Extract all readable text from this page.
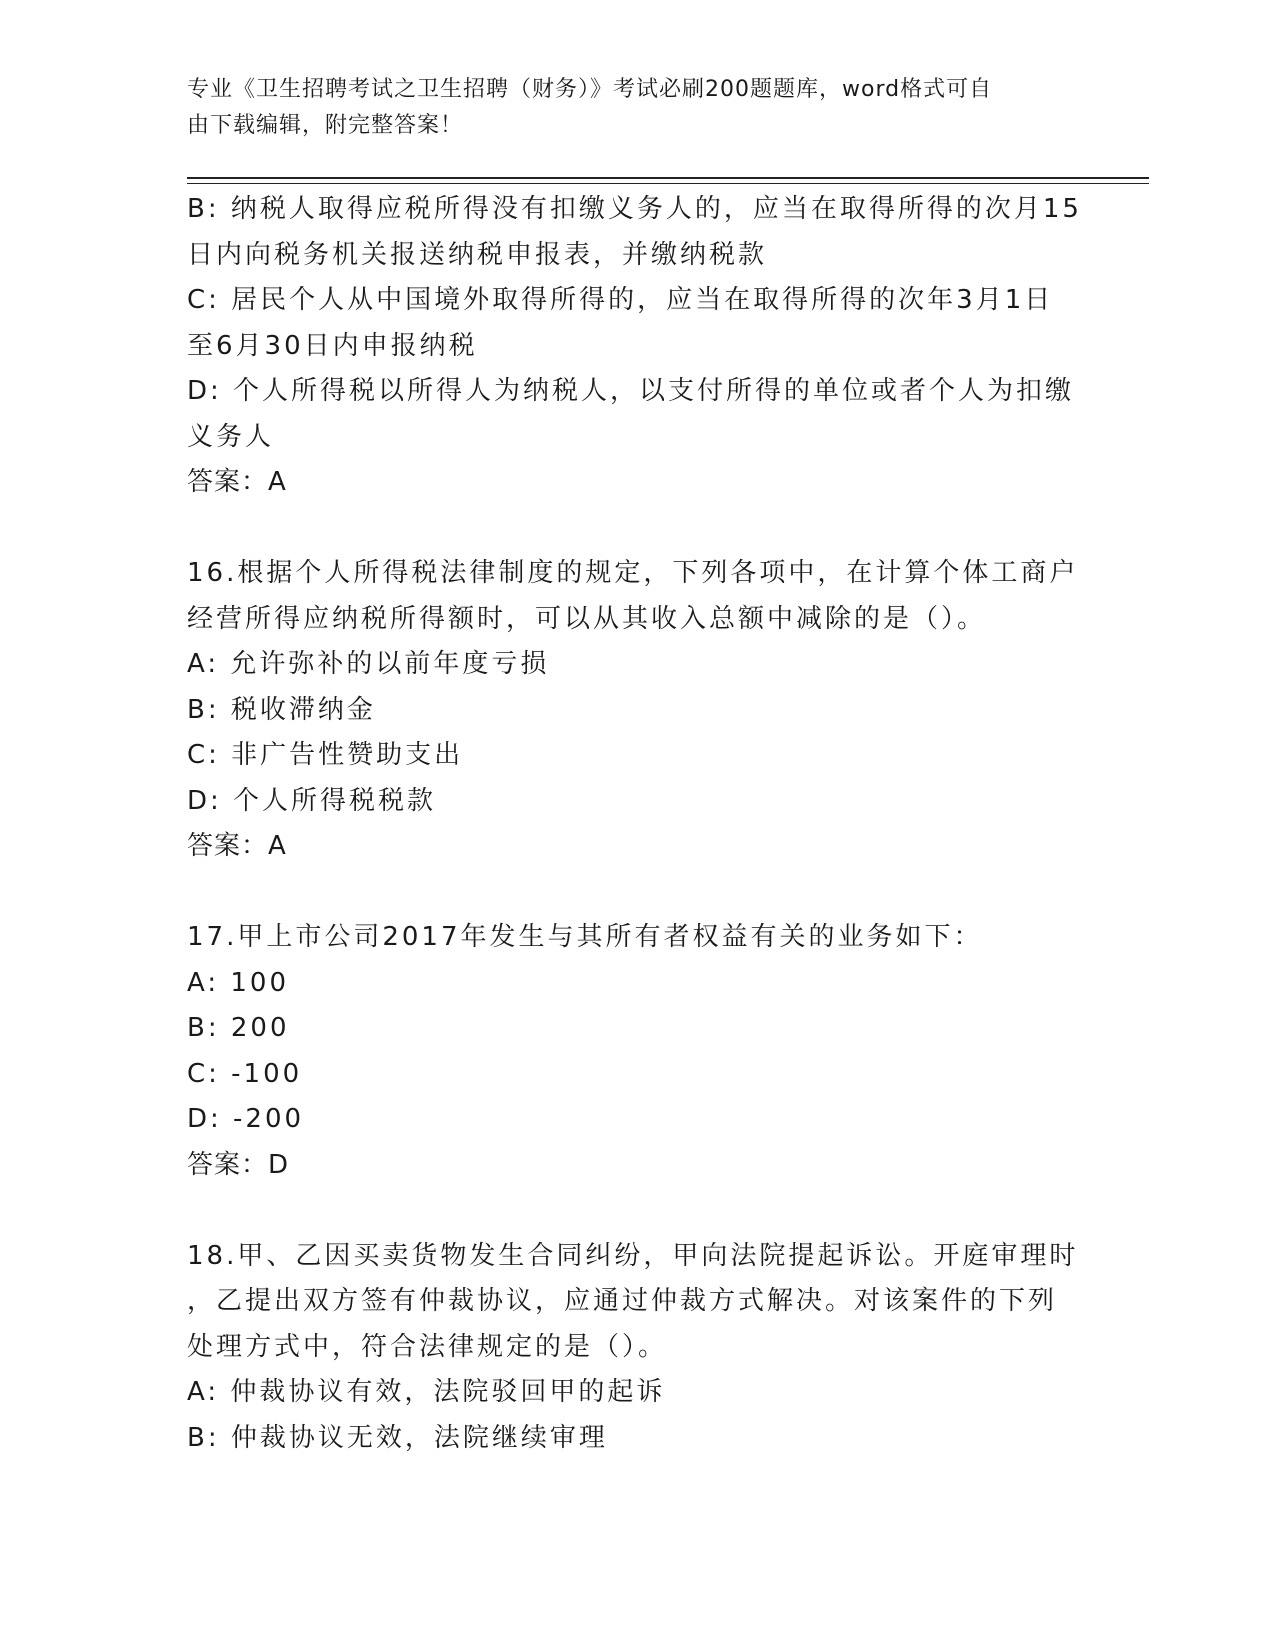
专业《卫生招聘考试之卫生招聘（财务）》考试必刷200题题库，word格式可自
由下载编辑，附完整答案！
B: 纳税人取得应税所得没有扣缴义务人的，应当在取得所得的次月15
日内向税务机关报送纳税申报表，并缴纳税款
C: 居民个人从中国境外取得所得的，应当在取得所得的次年3月1日
至6月30日内申报纳税
D: 个人所得税以所得人为纳税人，以支付所得的单位或者个人为扣缴
义务人
答案：A
16.根据个人所得税法律制度的规定，下列各项中，在计算个体工商户
经营所得应纳税所得额时，可以从其收入总额中减除的是（）。
A: 允许弥补的以前年度亏损
B: 税收滞纳金
C: 非广告性赞助支出
D: 个人所得税税款
答案：A
17.甲上市公司2017年发生与其所有者权益有关的业务如下：
A: 100
B: 200
C: -100
D: -200
答案：D
18.甲、乙因买卖货物发生合同纠纷，甲向法院提起诉讼。开庭审理时
，乙提出双方签有仲裁协议，应通过仲裁方式解决。对该案件的下列
处理方式中，符合法律规定的是（）。
A: 仲裁协议有效，法院驳回甲的起诉
B: 仲裁协议无效，法院继续审理
